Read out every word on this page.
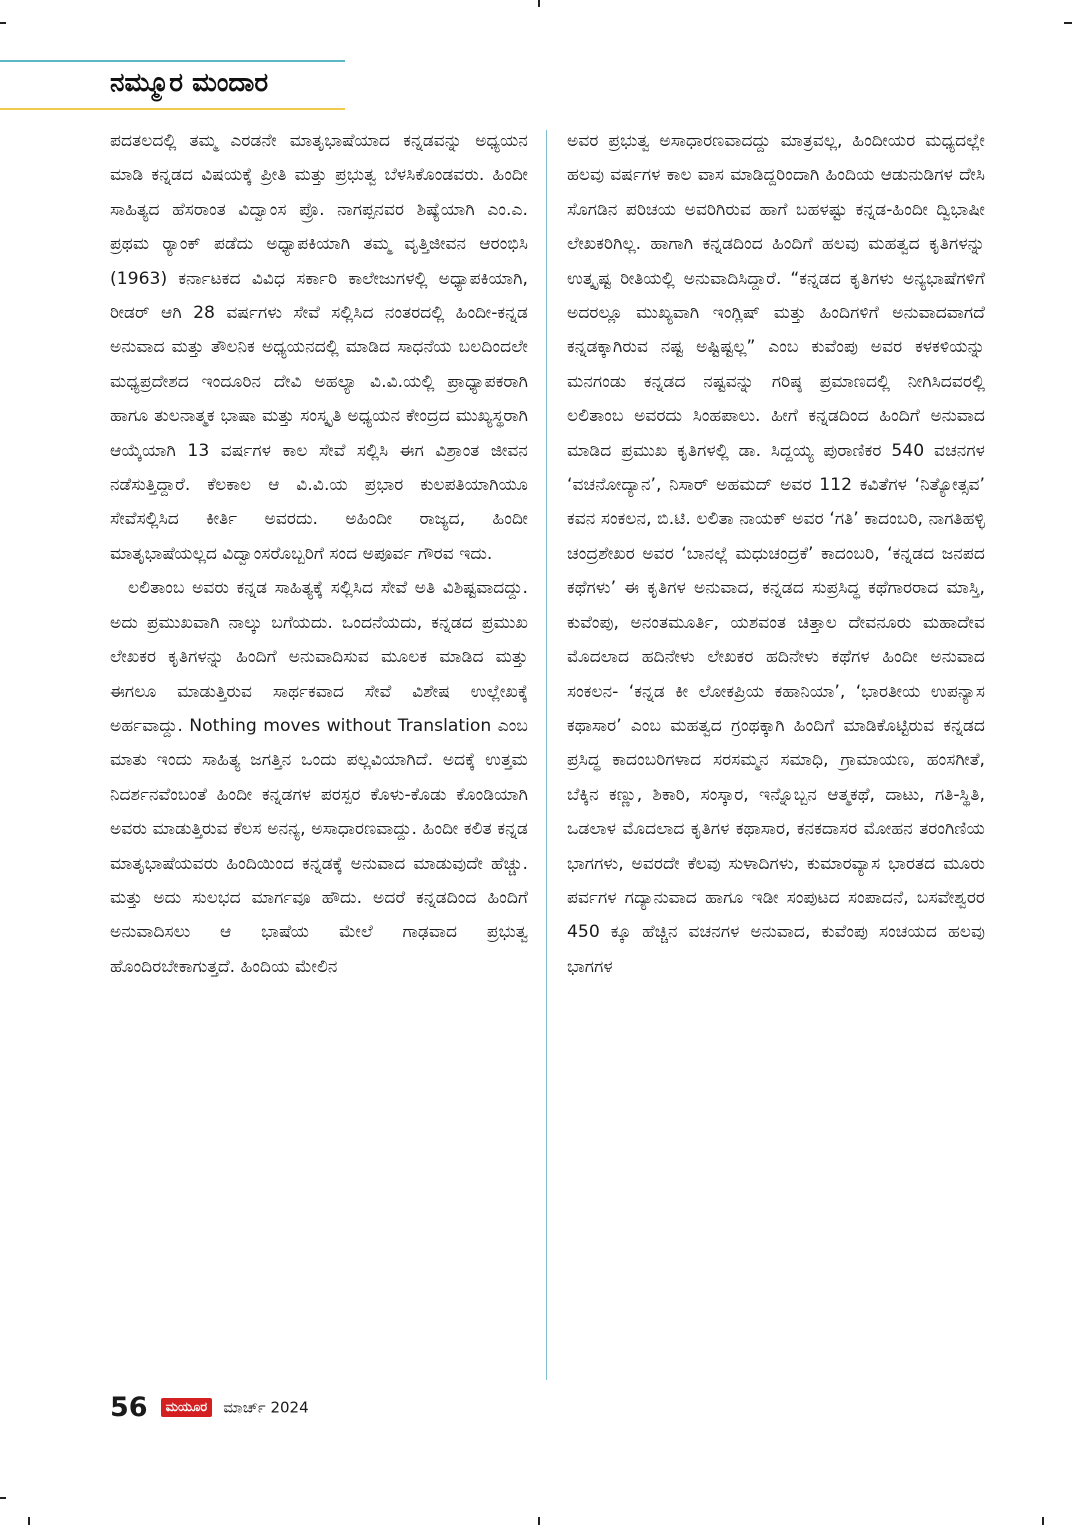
ನಮ್ಮೂರ ಮಂದಾರ

ಪದತಲದಲ್ಲಿ ತಮ್ಮ ಎರಡನೇ ಮಾತೃಭಾಷೆಯಾದ ಕನ್ನಡವನ್ನು ಅಧ್ಯಯನ ಮಾಡಿ ಕನ್ನಡದ ವಿಷಯಕ್ಕೆ ಪ್ರೀತಿ ಮತ್ತು ಪ್ರಭುತ್ವ ಬೆಳಸಿಕೊಂಡವರು. ಹಿಂದೀ ಸಾಹಿತ್ಯದ ಹೆಸರಾಂತ ವಿದ್ವಾಂಸ ಪ್ರೊ. ನಾಗಪ್ಪನವರ ಶಿಷ್ಯೆಯಾಗಿ ಎಂ.ಎ. ಪ್ರಥಮ ರ್‍ಯಾಂಕ್ ಪಡೆದು ಅಧ್ಯಾಪಕಿಯಾಗಿ ತಮ್ಮ ವೃತ್ತಿಜೀವನ ಆರಂಭಿಸಿ (1963) ಕರ್ನಾಟಕದ ವಿವಿಧ ಸರ್ಕಾರಿ ಕಾಲೇಜುಗಳಲ್ಲಿ ಅಧ್ಯಾಪಕಿಯಾಗಿ, ರೀಡರ್ ಆಗಿ 28 ವರ್ಷಗಳು ಸೇವೆ ಸಲ್ಲಿಸಿದ ನಂತರದಲ್ಲಿ ಹಿಂದೀ-ಕನ್ನಡ ಅನುವಾದ ಮತ್ತು ತೌಲನಿಕ ಅಧ್ಯಯನದಲ್ಲಿ ಮಾಡಿದ ಸಾಧನೆಯ ಬಲದಿಂದಲೇ ಮಧ್ಯಪ್ರದೇಶದ ಇಂದೂರಿನ ದೇವಿ ಅಹಲ್ಯಾ ವಿ.ವಿ.ಯಲ್ಲಿ ಪ್ರಾಧ್ಯಾಪಕರಾಗಿ ಹಾಗೂ ತುಲನಾತ್ಮಕ ಭಾಷಾ ಮತ್ತು ಸಂಸ್ಕೃತಿ ಅಧ್ಯಯನ ಕೇಂದ್ರದ ಮುಖ್ಯಸ್ಥರಾಗಿ ಆಯ್ಕೆಯಾಗಿ 13 ವರ್ಷಗಳ ಕಾಲ ಸೇವೆ ಸಲ್ಲಿಸಿ ಈಗ ವಿಶ್ರಾಂತ ಜೀವನ ನಡೆಸುತ್ತಿದ್ದಾರೆ. ಕೆಲಕಾಲ ಆ ವಿ.ವಿ.ಯ ಪ್ರಭಾರ ಕುಲಪತಿಯಾಗಿಯೂ ಸೇವೆಸಲ್ಲಿಸಿದ ಕೀರ್ತಿ ಅವರದು. ಅಹಿಂದೀ ರಾಜ್ಯದ, ಹಿಂದೀ ಮಾತೃಭಾಷೆಯಲ್ಲದ ವಿದ್ವಾಂಸರೊಬ್ಬರಿಗೆ ಸಂದ ಅಪೂರ್ವ ಗೌರವ ಇದು.

ಲಲಿತಾಂಬ ಅವರು ಕನ್ನಡ ಸಾಹಿತ್ಯಕ್ಕೆ ಸಲ್ಲಿಸಿದ ಸೇವೆ ಅತಿ ವಿಶಿಷ್ಟವಾದದ್ದು. ಅದು ಪ್ರಮುಖವಾಗಿ ನಾಲ್ಕು ಬಗೆಯದು. ಒಂದನೆಯದು, ಕನ್ನಡದ ಪ್ರಮುಖ ಲೇಖಕರ ಕೃತಿಗಳನ್ನು ಹಿಂದಿಗೆ ಅನುವಾದಿಸುವ ಮೂಲಕ ಮಾಡಿದ ಮತ್ತು ಈಗಲೂ ಮಾಡುತ್ತಿರುವ ಸಾರ್ಥಕವಾದ ಸೇವೆ ವಿಶೇಷ ಉಲ್ಲೇಖಕ್ಕೆ ಅರ್ಹವಾದ್ದು. Nothing moves without Translation ಎಂಬ ಮಾತು ಇಂದು ಸಾಹಿತ್ಯ ಜಗತ್ತಿನ ಒಂದು ಪಲ್ಲವಿಯಾಗಿದೆ. ಅದಕ್ಕೆ ಉತ್ತಮ ನಿದರ್ಶನವೆಂಬಂತೆ ಹಿಂದೀ ಕನ್ನಡಗಳ ಪರಸ್ಪರ ಕೊಳು-ಕೊಡು ಕೊಂಡಿಯಾಗಿ ಅವರು ಮಾಡುತ್ತಿರುವ ಕೆಲಸ ಅನನ್ಯ, ಅಸಾಧಾರಣವಾದ್ದು. ಹಿಂದೀ ಕಲಿತ ಕನ್ನಡ ಮಾತೃಭಾಷೆಯವರು ಹಿಂದಿಯಿಂದ ಕನ್ನಡಕ್ಕೆ ಅನುವಾದ ಮಾಡುವುದೇ ಹೆಚ್ಚು. ಮತ್ತು ಅದು ಸುಲಭದ ಮಾರ್ಗವೂ ಹೌದು. ಅದರೆ ಕನ್ನಡದಿಂದ ಹಿಂದಿಗೆ ಅನುವಾದಿಸಲು ಆ ಭಾಷೆಯ ಮೇಲೆ ಗಾಢವಾದ ಪ್ರಭುತ್ವ ಹೊಂದಿರಬೇಕಾಗುತ್ತದೆ. ಹಿಂದಿಯ ಮೇಲಿನ

ಅವರ ಪ್ರಭುತ್ವ ಅಸಾಧಾರಣವಾದದ್ದು ಮಾತ್ರವಲ್ಲ, ಹಿಂದೀಯರ ಮಧ್ಯದಲ್ಲೇ ಹಲವು ವರ್ಷಗಳ ಕಾಲ ವಾಸ ಮಾಡಿದ್ದರಿಂದಾಗಿ ಹಿಂದಿಯ ಆಡುನುಡಿಗಳ ದೇಸಿ ಸೊಗಡಿನ ಪರಿಚಯ ಅವರಿಗಿರುವ ಹಾಗೆ ಬಹಳಷ್ಟು ಕನ್ನಡ-ಹಿಂದೀ ದ್ವಿಭಾಷೀ ಲೇಖಕರಿಗಿಲ್ಲ. ಹಾಗಾಗಿ ಕನ್ನಡದಿಂದ ಹಿಂದಿಗೆ ಹಲವು ಮಹತ್ವದ ಕೃತಿಗಳನ್ನು ಉತ್ಕೃಷ್ಟ ರೀತಿಯಲ್ಲಿ ಅನುವಾದಿಸಿದ್ದಾರೆ. “ಕನ್ನಡದ ಕೃತಿಗಳು ಅನ್ಯಭಾಷೆಗಳಿಗೆ ಅದರಲ್ಲೂ ಮುಖ್ಯವಾಗಿ ಇಂಗ್ಲಿಷ್ ಮತ್ತು ಹಿಂದಿಗಳಿಗೆ ಅನುವಾದವಾಗದೆ ಕನ್ನಡಕ್ಕಾಗಿರುವ ನಷ್ಟ ಅಷ್ಟಿಷ್ಟಲ್ಲ” ಎಂಬ ಕುವೆಂಪು ಅವರ ಕಳಕಳಿಯನ್ನು ಮನಗಂಡು ಕನ್ನಡದ ನಷ್ಟವನ್ನು ಗರಿಷ್ಠ ಪ್ರಮಾಣದಲ್ಲಿ ನೀಗಿಸಿದವರಲ್ಲಿ ಲಲಿತಾಂಬ ಅವರದು ಸಿಂಹಪಾಲು. ಹೀಗೆ ಕನ್ನಡದಿಂದ ಹಿಂದಿಗೆ ಅನುವಾದ ಮಾಡಿದ ಪ್ರಮುಖ ಕೃತಿಗಳಲ್ಲಿ ಡಾ. ಸಿದ್ದಯ್ಯ ಪುರಾಣಿಕರ 540 ವಚನಗಳ ‘ವಚನೋದ್ಯಾನ’, ನಿಸಾರ್ ಅಹಮದ್ ಅವರ 112 ಕವಿತೆಗಳ ‘ನಿತ್ಯೋತ್ಸವ’ ಕವನ ಸಂಕಲನ, ಬಿ.ಟಿ. ಲಲಿತಾ ನಾಯಕ್ ಅವರ ‘ಗತಿ’ ಕಾದಂಬರಿ, ನಾಗತಿಹಳ್ಳಿ ಚಂದ್ರಶೇಖರ ಅವರ ‘ಬಾನಲ್ಲೆ ಮಧುಚಂದ್ರಕೆ’ ಕಾದಂಬರಿ, ‘ಕನ್ನಡದ ಜನಪದ ಕಥೆಗಳು’ ಈ ಕೃತಿಗಳ ಅನುವಾದ, ಕನ್ನಡದ ಸುಪ್ರಸಿದ್ಧ ಕಥೆಗಾರರಾದ ಮಾಸ್ತಿ, ಕುವೆಂಪು, ಅನಂತಮೂರ್ತಿ, ಯಶವಂತ ಚಿತ್ತಾಲ ದೇವನೂರು ಮಹಾದೇವ ಮೊದಲಾದ ಹದಿನೇಳು ಲೇಖಕರ ಹದಿನೇಳು ಕಥೆಗಳ ಹಿಂದೀ ಅನುವಾದ ಸಂಕಲನ- ‘ಕನ್ನಡ ಕೀ ಲೋಕಪ್ರಿಯ ಕಹಾನಿಯಾ’, ‘ಭಾರತೀಯ ಉಪನ್ಯಾಸ ಕಥಾಸಾರ’ ಎಂಬ ಮಹತ್ವದ ಗ್ರಂಥಕ್ಕಾಗಿ ಹಿಂದಿಗೆ ಮಾಡಿಕೊಟ್ಟಿರುವ ಕನ್ನಡದ ಪ್ರಸಿದ್ಧ ಕಾದಂಬರಿಗಳಾದ ಸರಸಮ್ಮನ ಸಮಾಧಿ, ಗ್ರಾಮಾಯಣ, ಹಂಸಗೀತೆ, ಬೆಕ್ಕಿನ ಕಣ್ಣು, ಶಿಕಾರಿ, ಸಂಸ್ಕಾರ, ಇನ್ನೊಬ್ಬನ ಆತ್ಮಕಥೆ, ದಾಟು, ಗತಿ-ಸ್ಥಿತಿ, ಒಡಲಾಳ ಮೊದಲಾದ ಕೃತಿಗಳ ಕಥಾಸಾರ, ಕನಕದಾಸರ ಮೋಹನ ತರಂಗಿಣಿಯ ಭಾಗಗಳು, ಅವರದೇ ಕೆಲವು ಸುಳಾದಿಗಳು, ಕುಮಾರವ್ಯಾಸ ಭಾರತದ ಮೂರು ಪರ್ವಗಳ ಗದ್ಯಾನುವಾದ ಹಾಗೂ ಇಡೀ ಸಂಪುಟದ ಸಂಪಾದನೆ, ಬಸವೇಶ್ವರರ 450 ಕ್ಕೂ ಹೆಚ್ಚಿನ ವಚನಗಳ ಅನುವಾದ, ಕುವೆಂಪು ಸಂಚಯದ ಹಲವು ಭಾಗಗಳ

56 ಮಯೂರ ಮಾರ್ಚ್ 2024
